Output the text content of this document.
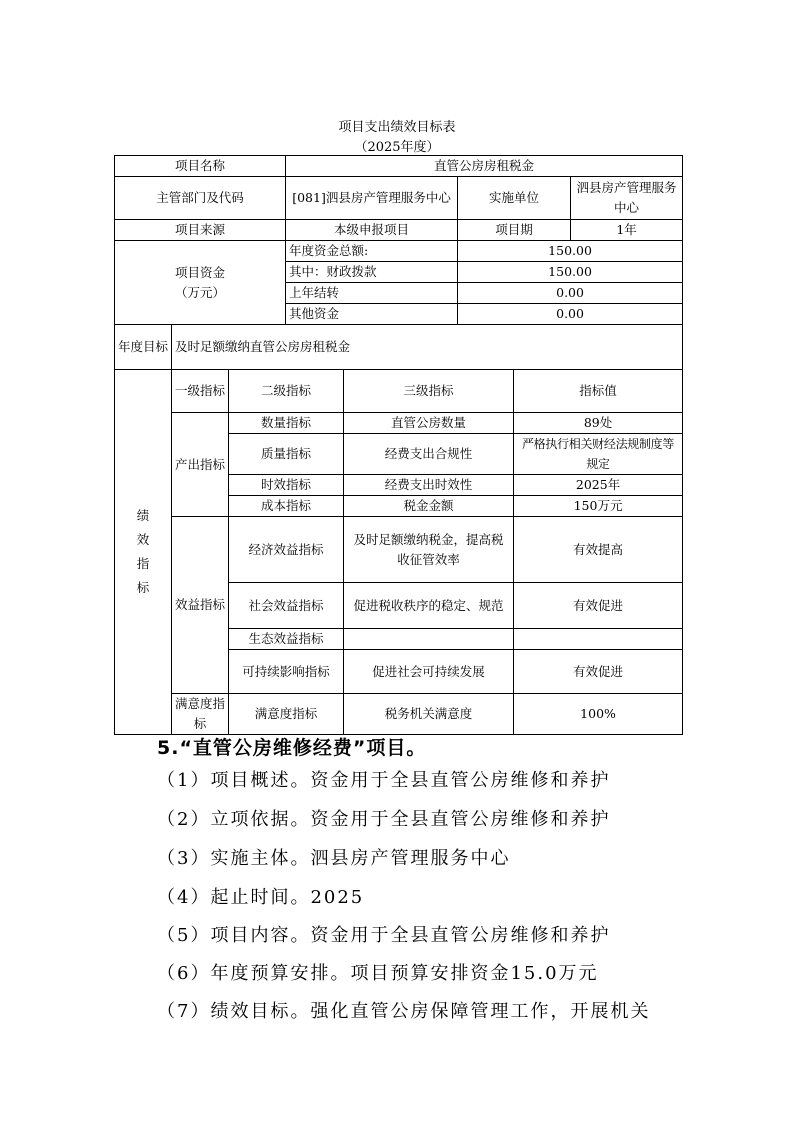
项目支出绩效目标表
（2025年度）
项目名称			直管公房房租税金				
主管部门及代码			[081]泗县房产管理服务中心		实施单位		泗县房产管理服务中心
项目来源			本级申报项目		项目期		1年

项目资金
（万元）			年度资金总额:		150.00		
			其中：财政拨款		150.00		
			上年结转		0.00		
			其他资金		0.00		
年度目标	及时足额缴纳直管公房房租税金						

绩效指标	一级指标	二级指标		三级指标		指标值	
	产出指标	数量指标		直管公房数量		89处	
		质量指标		经费支出合规性		严格执行相关财经法规制度等规定	
		时效指标		经费支出时效性		2025年	
		成本指标		税金金额		150万元	
	效益指标	经济效益指标		及时足额缴纳税金，提高税收征管效率		有效提高	
		社会效益指标		促进税收秩序的稳定、规范		有效促进	
		生态效益指标					
		可持续影响指标		促进社会可持续发展		有效促进	
	满意度指标	满意度指标		税务机关满意度		100%	
5.“直管公房维修经费”项目。
（1）项目概述。资金用于全县直管公房维修和养护
（2）立项依据。资金用于全县直管公房维修和养护
（3）实施主体。泗县房产管理服务中心
（4）起止时间。2025
（5）项目内容。资金用于全县直管公房维修和养护
（6）年度预算安排。项目预算安排资金15.0万元
（7）绩效目标。强化直管公房保障管理工作，开展机关
